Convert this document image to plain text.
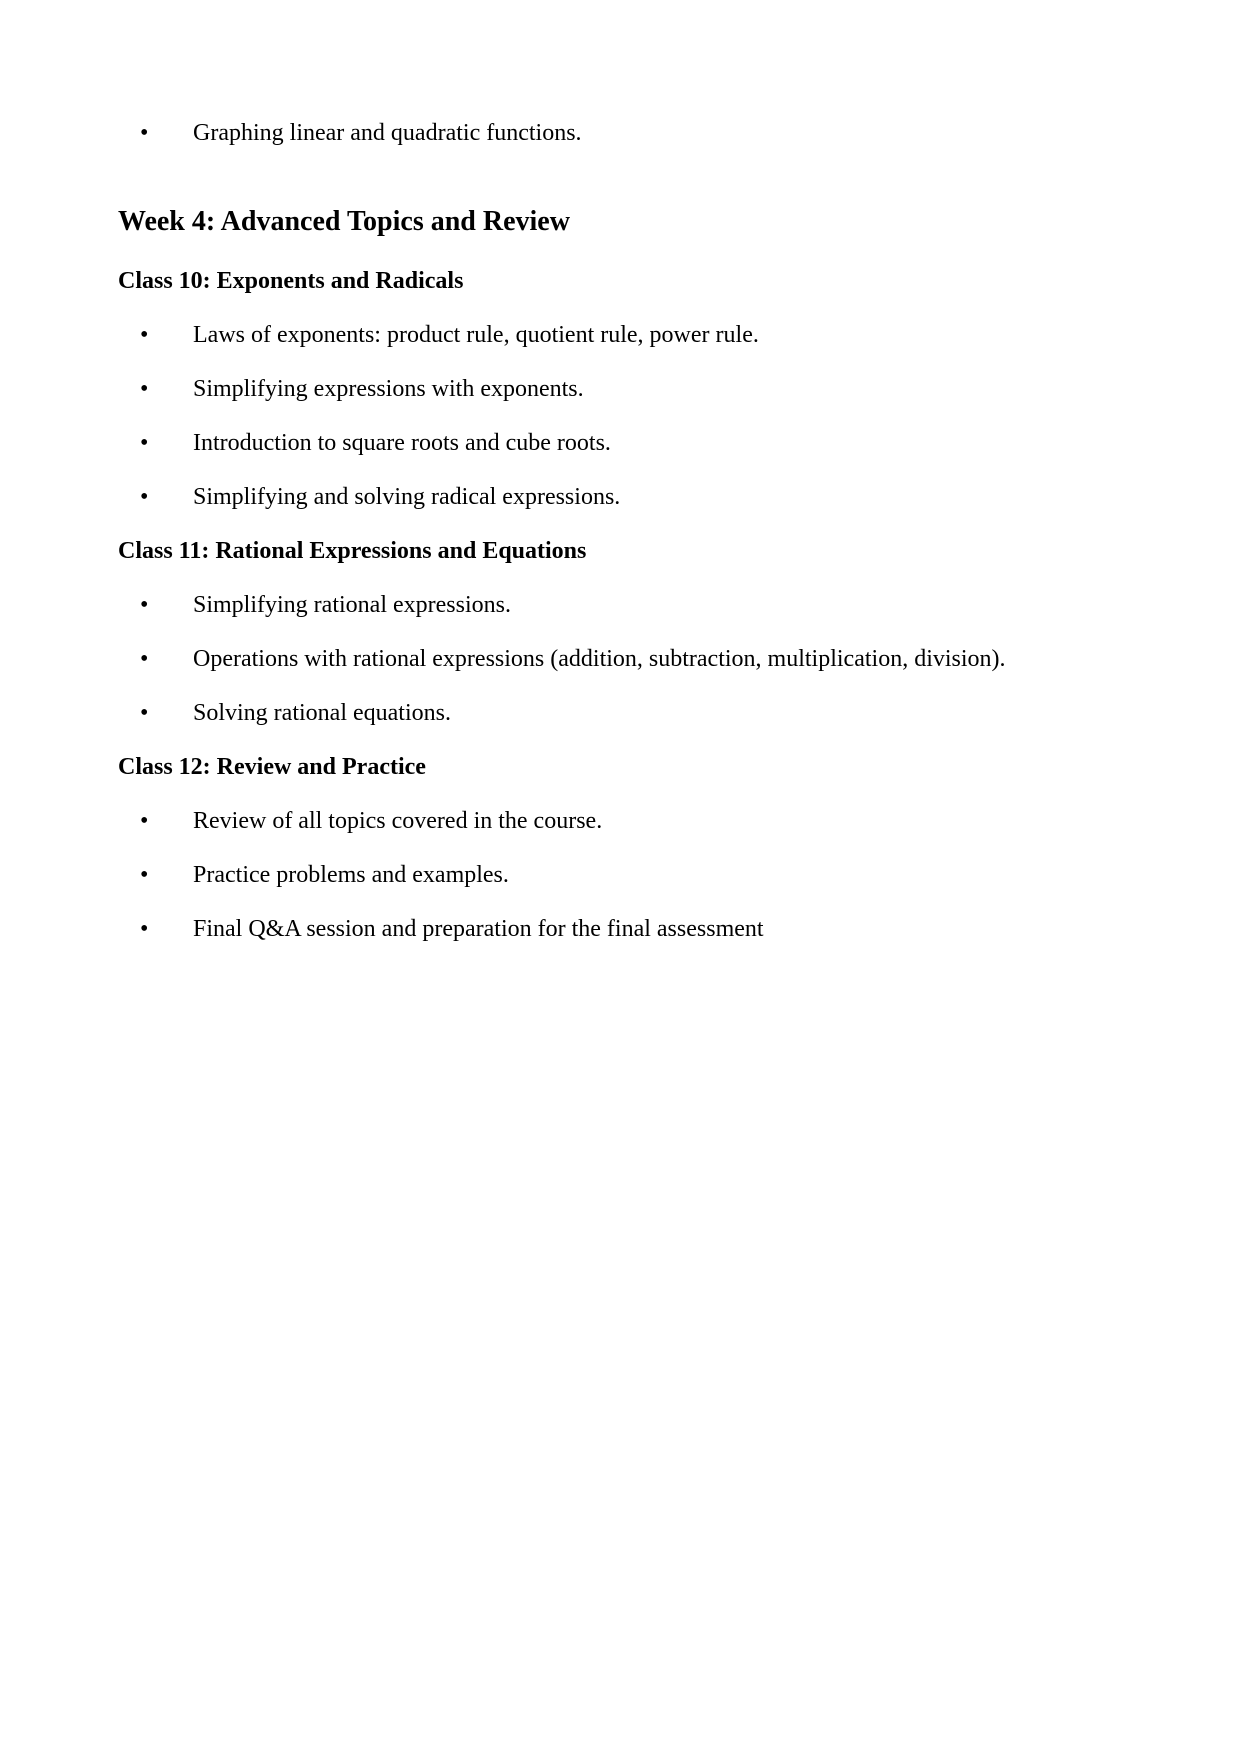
• Graphing linear and quadratic functions.
Week 4: Advanced Topics and Review
Class 10: Exponents and Radicals
• Laws of exponents: product rule, quotient rule, power rule.
• Simplifying expressions with exponents.
• Introduction to square roots and cube roots.
• Simplifying and solving radical expressions.
Class 11: Rational Expressions and Equations
• Simplifying rational expressions.
• Operations with rational expressions (addition, subtraction, multiplication, division).
• Solving rational equations.
Class 12: Review and Practice
• Review of all topics covered in the course.
• Practice problems and examples.
• Final Q&A session and preparation for the final assessment
